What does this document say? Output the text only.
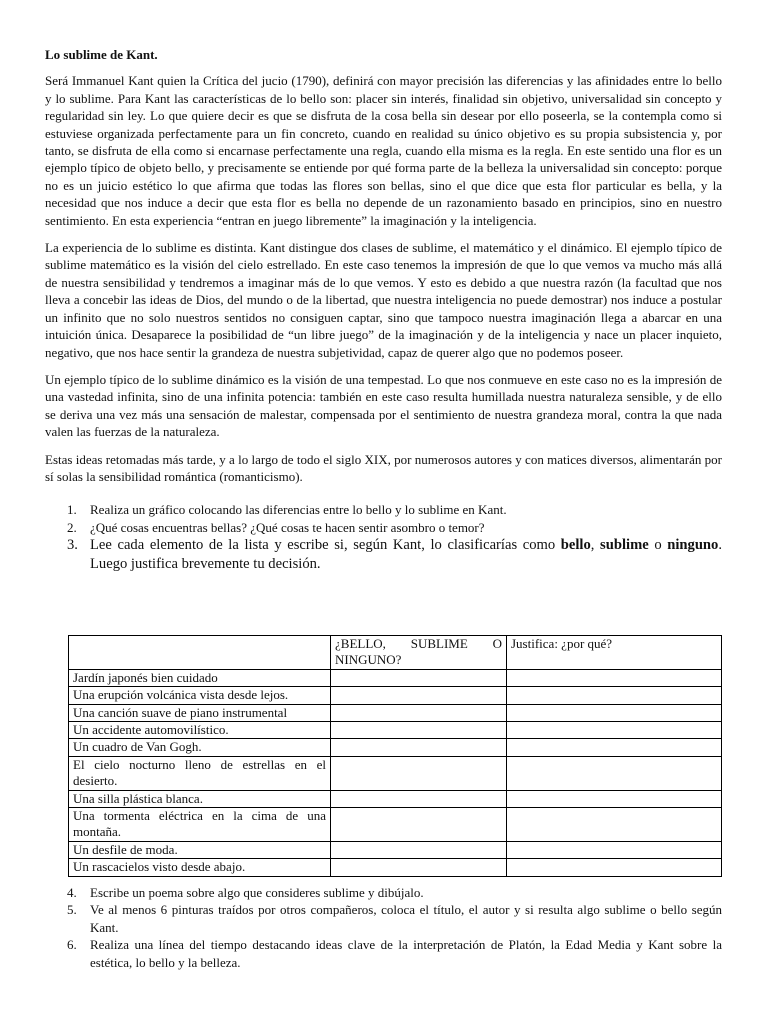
Lo sublime de Kant.

Será Immanuel Kant quien la Crítica del jucio (1790), definirá con mayor precisión las diferencias y las afinidades entre lo bello y lo sublime. Para Kant las características de lo bello son: placer sin interés, finalidad sin objetivo, universalidad sin concepto y regularidad sin ley. Lo que quiere decir es que se disfruta de la cosa bella sin desear por ello poseerla, se la contempla como si estuviese organizada perfectamente para un fin concreto, cuando en realidad su único objetivo es su propia subsistencia y, por tanto, se disfruta de ella como si encarnase perfectamente una regla, cuando ella misma es la regla. En este sentido una flor es un ejemplo típico de objeto bello, y precisamente se entiende por qué forma parte de la belleza la universalidad sin concepto: porque no es un juicio estético lo que afirma que todas las flores son bellas, sino el que dice que esta flor particular es bella, y la necesidad que nos induce a decir que esta flor es bella no depende de un razonamiento basado en principios, sino en nuestro sentimiento. En esta experiencia “entran en juego libremente” la imaginación y la inteligencia.

La experiencia de lo sublime es distinta. Kant distingue dos clases de sublime, el matemático y el dinámico. El ejemplo típico de sublime matemático es la visión del cielo estrellado. En este caso tenemos la impresión de que lo que vemos va mucho más allá de nuestra sensibilidad y tendremos a imaginar más de lo que vemos. Y esto es debido a que nuestra razón (la facultad que nos lleva a concebir las ideas de Dios, del mundo o de la libertad, que nuestra inteligencia no puede demostrar) nos induce a postular un infinito que no solo nuestros sentidos no consiguen captar, sino que tampoco nuestra imaginación llega a abarcar en una intuición única. Desaparece la posibilidad de “un libre juego” de la imaginación y de la inteligencia y nace un placer inquieto, negativo, que nos hace sentir la grandeza de nuestra subjetividad, capaz de querer algo que no podemos poseer.

Un ejemplo típico de lo sublime dinámico es la visión de una tempestad. Lo que nos conmueve en este caso no es la impresión de una vastedad infinita, sino de una infinita potencia: también en este caso resulta humillada nuestra naturaleza sensible, y de ello se deriva una vez más una sensación de malestar, compensada por el sentimiento de nuestra grandeza moral, contra la que nada valen las fuerzas de la naturaleza.

Estas ideas retomadas más tarde, y a lo largo de todo el siglo XIX, por numerosos autores y con matices diversos, alimentarán por sí solas la sensibilidad romántica (romanticismo).

1. Realiza un gráfico colocando las diferencias entre lo bello y lo sublime en Kant.
2. ¿Qué cosas encuentras bellas? ¿Qué cosas te hacen sentir asombro o temor?
3. Lee cada elemento de la lista y escribe si, según Kant, lo clasificarías como bello, sublime o ninguno. Luego justifica brevemente tu decisión.
	¿BELLO, SUBLIME O NINGUNO?	Justifica: ¿por qué?
Jardín japonés bien cuidado		
Una erupción volcánica vista desde lejos.		
Una canción suave de piano instrumental		
Un accidente automovilístico.		
Un cuadro de Van Gogh.		
El cielo nocturno lleno de estrellas en el desierto.		
Una silla plástica blanca.		
Una tormenta eléctrica en la cima de una montaña.		
Un desfile de moda.		
Un rascacielos visto desde abajo.		
4. Escribe un poema sobre algo que consideres sublime y dibújalo.
5. Ve al menos 6 pinturas traídos por otros compañeros, coloca el título, el autor y si resulta algo sublime o bello según Kant.
6. Realiza una línea del tiempo destacando ideas clave de la interpretación de Platón, la Edad Media y Kant sobre la estética, lo bello y la belleza.
